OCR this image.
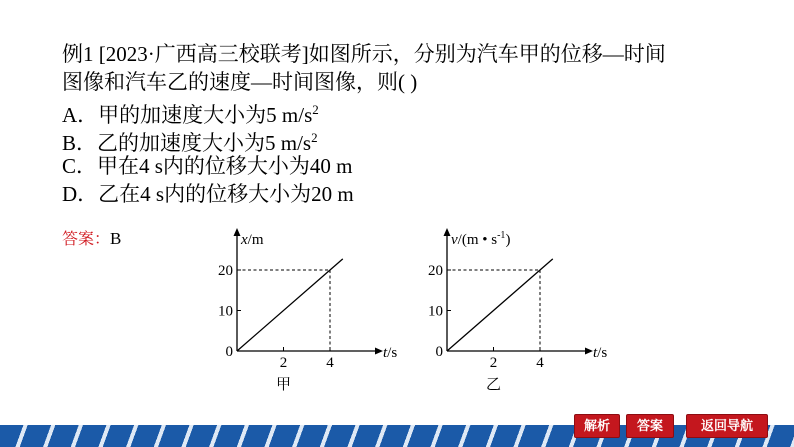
例1 [2023·广西高三校联考]如图所示，分别为汽车甲的位移—时间
图像和汽车乙的速度—时间图像，则( )
A．甲的加速度大小为5 $m/s^2$
B．乙的加速度大小为5 $m/s^2$
C．甲在4 s内的位移大小为40 m
D．乙在4 s内的位移大小为20 m
答案：B
2	4
10
20
0	t/s
x/m
甲
2	4
10
20
0	t/s
v/(m • $s^{-1}$)
乙
解析	答案	返回导航
